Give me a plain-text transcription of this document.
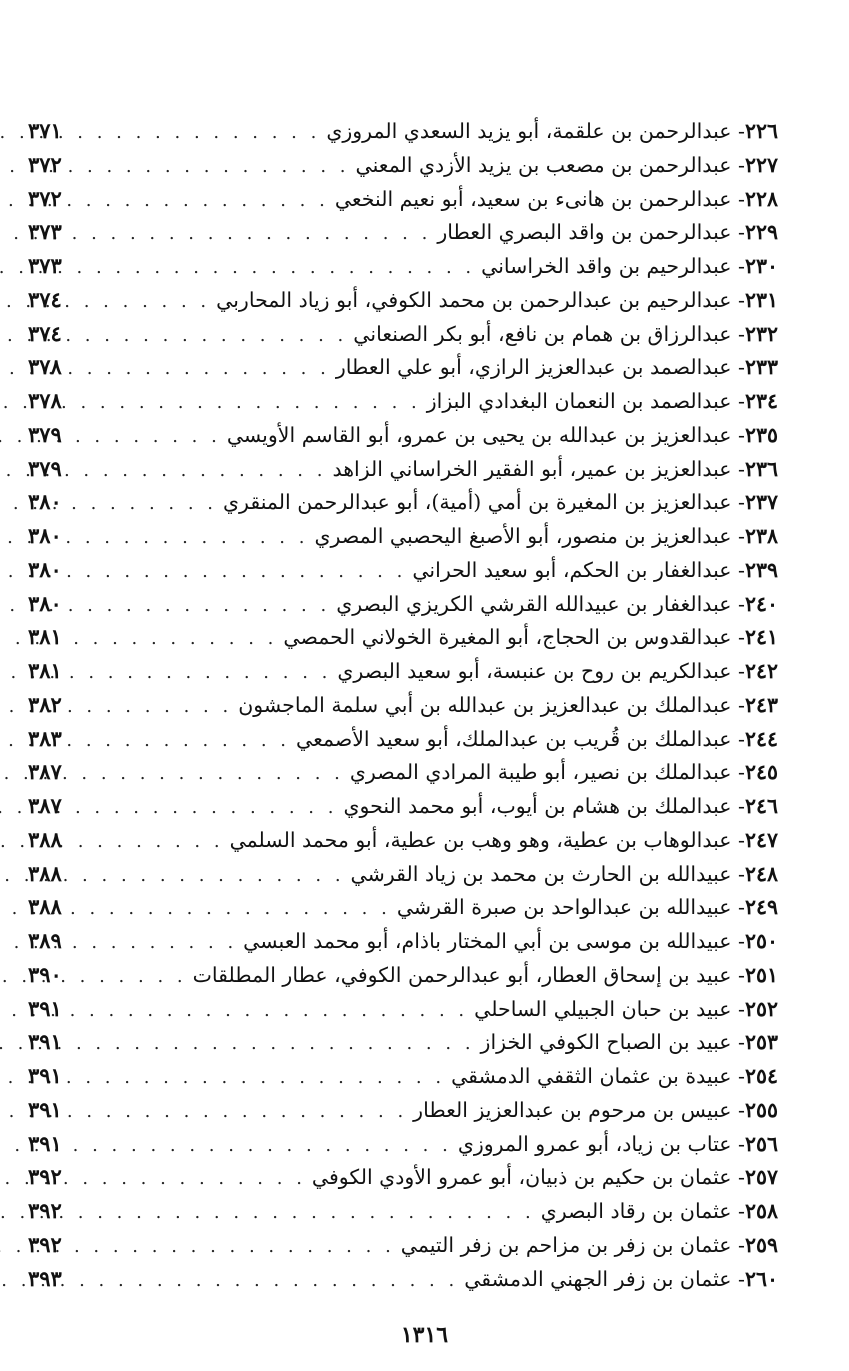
٢٢٦- عبدالرحمن بن علقمة، أبو يزيد السعدي المروزي
. . .
٣٧١
٢٢٧- عبدالرحمن بن مصعب بن يزيد الأزدي المعني
. . .
٣٧٢
٢٢٨- عبدالرحمن بن هانىء بن سعيد، أبو نعيم النخعي
. . .
٣٧٢
٢٢٩- عبدالرحمن بن واقد البصري العطار
. . .
٣٧٣
٢٣٠- عبدالرحيم بن واقد الخراساني
. . .
٣٧٣
٢٣١- عبدالرحيم بن عبدالرحمن بن محمد الكوفي، أبو زياد المحاربي
. . .
٣٧٤
٢٣٢- عبدالرزاق بن همام بن نافع، أبو بكر الصنعاني
. . .
٣٧٤
٢٣٣- عبدالصمد بن عبدالعزيز الرازي، أبو علي العطار
. . .
٣٧٨
٢٣٤- عبدالصمد بن النعمان البغدادي البزاز
. . .
٣٧٨
٢٣٥- عبدالعزيز بن عبدالله بن يحيى بن عمرو، أبو القاسم الأويسي
. . .
٣٧٩
٢٣٦- عبدالعزيز بن عمير، أبو الفقير الخراساني الزاهد
. . .
٣٧٩
٢٣٧- عبدالعزيز بن المغيرة بن أمي (أمية)، أبو عبدالرحمن المنقري
. . .
٣٨٠
٢٣٨- عبدالعزيز بن منصور، أبو الأصبغ اليحصبي المصري
. . .
٣٨٠
٢٣٩- عبدالغفار بن الحكم، أبو سعيد الحراني
. . .
٣٨٠
٢٤٠- عبدالغفار بن عبيدالله القرشي الكريزي البصري
. . .
٣٨٠
٢٤١- عبدالقدوس بن الحجاج، أبو المغيرة الخولاني الحمصي
. . .
٣٨١
٢٤٢- عبدالكريم بن روح بن عنبسة، أبو سعيد البصري
. . .
٣٨١
٢٤٣- عبدالملك بن عبدالعزيز بن عبدالله بن أبي سلمة الماجشون
. . .
٣٨٢
٢٤٤- عبدالملك بن قُريب بن عبدالملك، أبو سعيد الأصمعي
. . .
٣٨٣
٢٤٥- عبدالملك بن نصير، أبو طيبة المرادي المصري
. . .
٣٨٧
٢٤٦- عبدالملك بن هشام بن أيوب، أبو محمد النحوي
. . .
٣٨٧
٢٤٧- عبدالوهاب بن عطية، وهو وهب بن عطية، أبو محمد السلمي
. . .
٣٨٨
٢٤٨- عبيدالله بن الحارث بن محمد بن زياد القرشي
. . .
٣٨٨
٢٤٩- عبيدالله بن عبدالواحد بن صبرة القرشي
. . .
٣٨٨
٢٥٠- عبيدالله بن موسى بن أبي المختار باذام، أبو محمد العبسي
. . .
٣٨٩
٢٥١- عبيد بن إسحاق العطار، أبو عبدالرحمن الكوفي، عطار المطلقات
. . .
٣٩٠
٢٥٢- عبيد بن حبان الجبيلي الساحلي
. . .
٣٩١
٢٥٣- عبيد بن الصباح الكوفي الخزاز
. . .
٣٩١
٢٥٤- عبيدة بن عثمان الثقفي الدمشقي
. . .
٣٩١
٢٥٥- عبيس بن مرحوم بن عبدالعزيز العطار
. . .
٣٩١
٢٥٦- عتاب بن زياد، أبو عمرو المروزي
. . .
٣٩١
٢٥٧- عثمان بن حكيم بن ذبيان، أبو عمرو الأودي الكوفي
. . .
٣٩٢
٢٥٨- عثمان بن رقاد البصري
. . .
٣٩٢
٢٥٩- عثمان بن زفر بن مزاحم بن زفر التيمي
. . .
٣٩٢
٢٦٠- عثمان بن زفر الجهني الدمشقي
. . .
٣٩٣
١٣١٦
